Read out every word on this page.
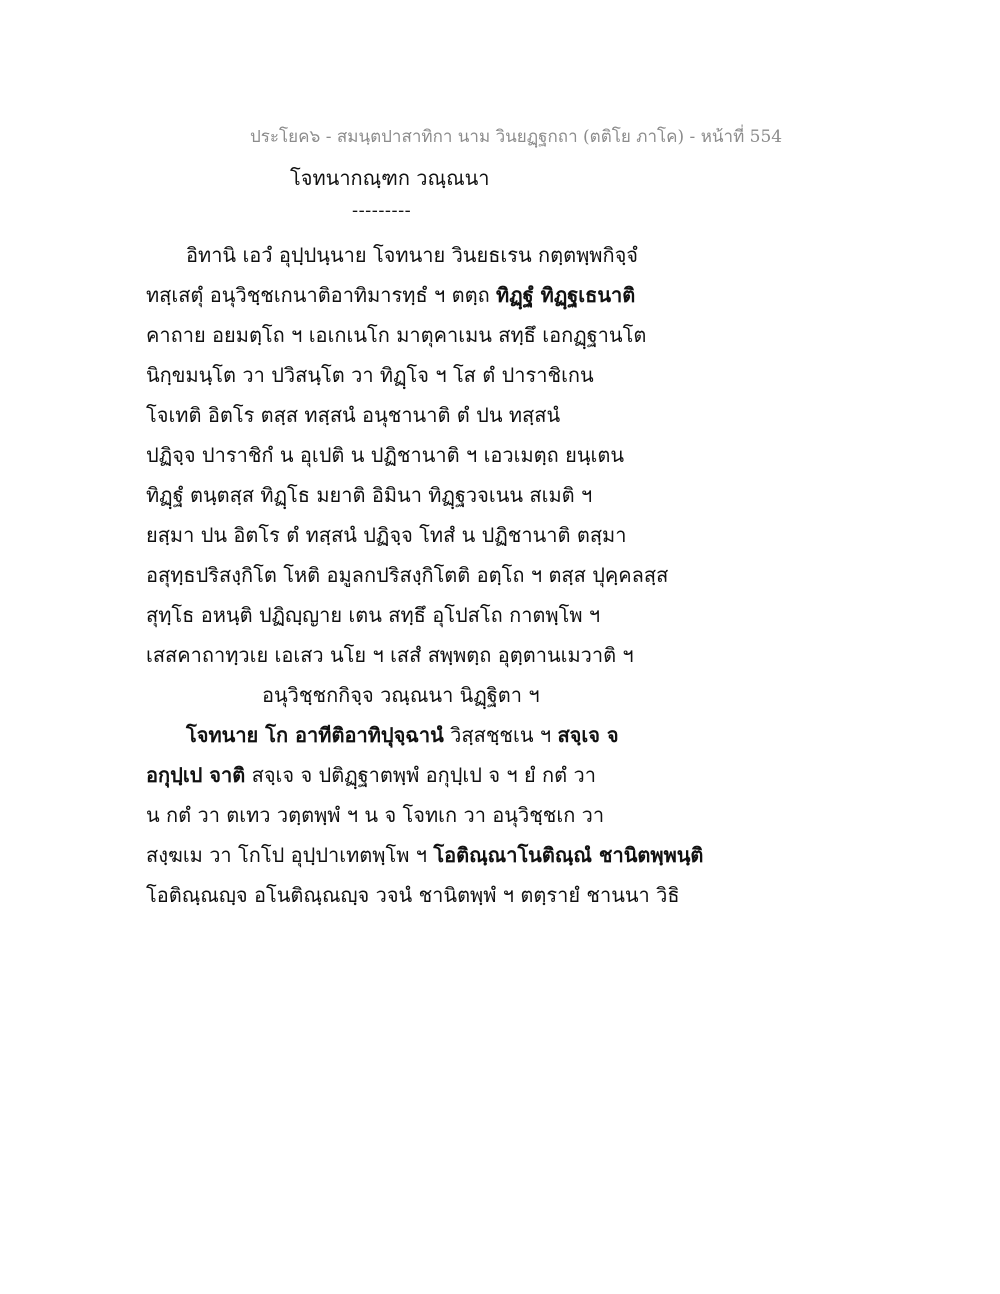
ประโยค๖ - สมนฺตปาสาทิกา นาม วินยฏฺฐกถา (ตติโย ภาโค) - หน้าที่ 554
โจทนากณฺฑก วณฺณนา
---------
อิทานิ เอวํ อุปฺปนฺนาย โจทนาย วินยธเรน กตฺตพฺพกิจฺจํ
ทสฺเสตุํ อนุวิชฺชเกนาติอาทิมารทฺธํ ฯ ตตฺถ ทิฏฺฐํ ทิฏฺฐเธนาติ
คาถาย อยมตฺโถ ฯ เอเกเนโก มาตุคาเมน สทฺธึ เอกฏฺฐานโต
นิกฺขมนฺโต วา ปวิสนฺโต วา ทิฏฺโจ ฯ โส ตํ ปาราชิเกน
โจเทติ อิตโร ตสฺส ทสฺสนํ อนุชานาติ ตํ ปน ทสฺสนํ
ปฏิจฺจ ปาราชิกํ น อุเปติ น ปฏิชานาติ ฯ เอวเมตฺถ ยนฺเตน
ทิฏฺฐํ ตนฺตสฺส ทิฏฺโธ มยาติ อิมินา ทิฏฺฐวจเนน สเมติ ฯ
ยสฺมา ปน อิตโร ตํ ทสฺสนํ ปฏิจฺจ โทสํ น ปฏิชานาติ ตสฺมา
อสุทฺธปริสงฺกิโต โหติ อมูลกปริสงฺกิโตติ อตฺโถ ฯ ตสฺส ปุคฺคลสฺส
สุทฺโธ อหนฺติ ปฏิญฺญาย เตน สทฺธึ อุโปสโถ กาตพฺโพ ฯ
เสสคาถาทฺวเย เอเสว นโย ฯ เสสํ สพฺพตฺถ อุตฺตานเมวาติ ฯ
อนุวิชฺชกกิจฺจ วณฺณนา นิฏฺฐิตา ฯ
โจทนาย โก อาทีติอาทิปุจฺฉานํ วิสฺสชฺชเน ฯ สจฺเจ จ
อกุปฺเป จาติ สจฺเจ จ ปติฏฺฐาตพฺพํ อกุปฺเป จ ฯ ยํ กตํ วา
น กตํ วา ตเทว วตฺตพฺพํ ฯ น จ โจทเก วา อนุวิชฺชเก วา
สงฺฆเม วา โกโป อุปฺปาเทตพฺโพ ฯ โอติณฺณาโนติณฺณํ ชานิตพฺพนฺติ
โอติณฺณญฺจ อโนติณฺณญฺจ วจนํ ชานิตพฺพํ ฯ ตตฺรายํ ชานนา วิธิ
